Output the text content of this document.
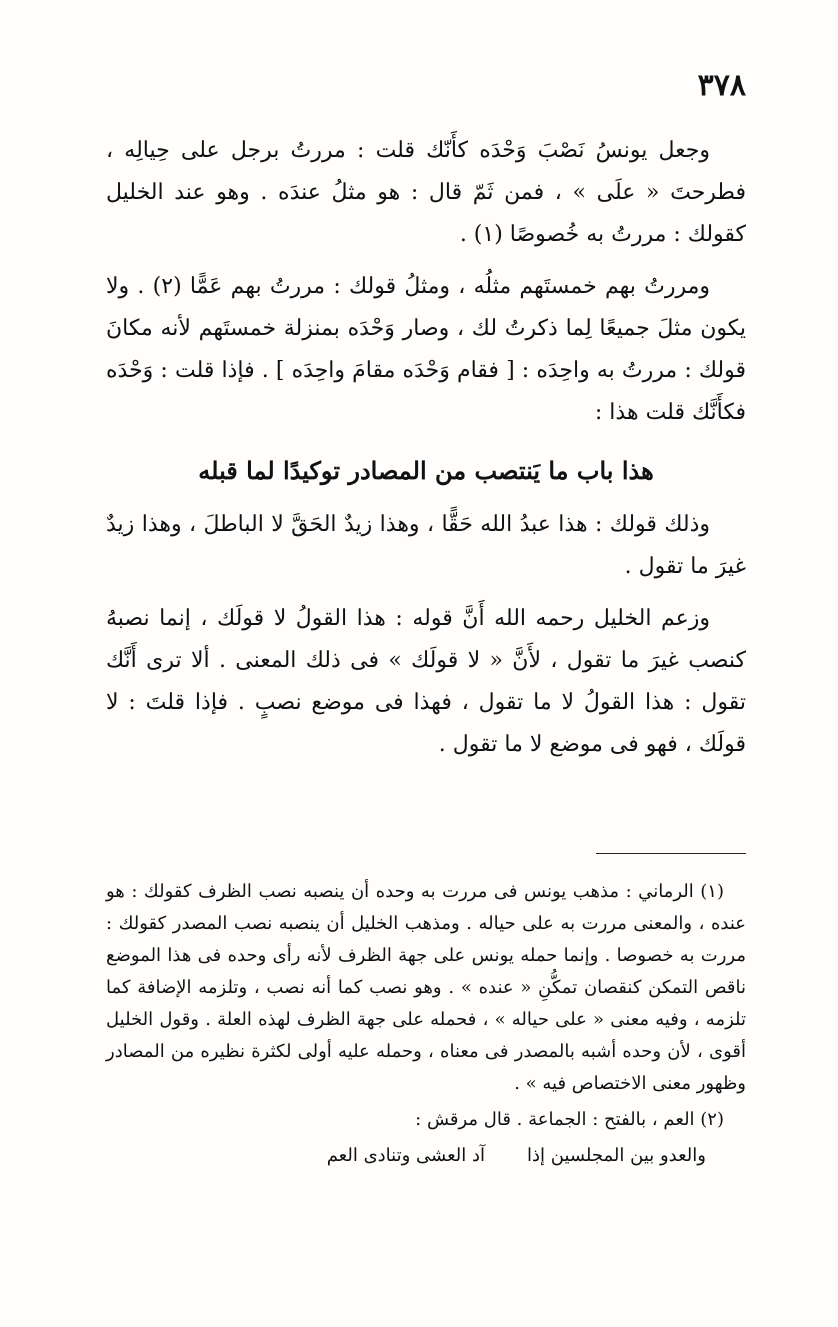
٣٧٨

وجعل يونسُ نَصْبَ وَحْدَه كأَنّك قلت : مررتُ برجل على حِيالِه ، فطرحتَ « علَى » ، فمن ثَمّ قال : هو مثلُ عندَه . وهو عند الخليل كقولك : مررتُ به خُصوصًا (١) .

ومررتُ بهم خمستَهم مثلُه ، ومثلُ قولك : مررتُ بهم عَمًّا (٢) . ولا يكون مثلَ جميعًا لِما ذكرتُ لك ، وصار وَحْدَه بمنزلة خمستَهم لأنه مكانَ قولك : مررتُ به واحِدَه : [ فقام وَحْدَه مقامَ واحِدَه ] . فإذا قلت : وَحْدَه فكأَنَّك قلت هذا :

هذا باب ما يَنتصب من المصادر توكيدًا لما قبله

وذلك قولك : هذا عبدُ الله حَقًّا ، وهذا زيدٌ الحَقَّ لا الباطلَ ، وهذا زيدٌ غيرَ ما تقول .

وزعم الخليل رحمه الله أَنَّ قوله : هذا القولُ لا قولَك ، إنما نصبهُ كنصب غيرَ ما تقول ، لأَنَّ « لا قولَك » فى ذلك المعنى . ألا ترى أَنَّك تقول : هذا القولُ لا ما تقول ، فهذا فى موضع نصبٍ . فإذا قلتَ : لا قولَك ، فهو فى موضع لا ما تقول .

(١) الرماني : مذهب يونس فى مررت به وحده أن ينصبه نصب الظرف كقولك : هو عنده ، والمعنى مررت به على حياله . ومذهب الخليل أن ينصبه نصب المصدر كقولك : مررت به خصوصا . وإنما حمله يونس على جهة الظرف لأنه رأى وحده فى هذا الموضع ناقص التمكن كنقصان تمكُّنِ « عنده » . وهو نصب كما أنه نصب ، وتلزمه الإضافة كما تلزمه ، وفيه معنى « على حياله » ، فحمله على جهة الظرف لهذه العلة . وقول الخليل أقوى ، لأن وحده أشبه بالمصدر فى معناه ، وحمله عليه أولى لكثرة نظيره من المصادر وظهور معنى الاختصاص فيه » .

(٢) العم ، بالفتح : الجماعة . قال مرقش :

والعدو بين المجلسين إذا
آد العشى وتنادى العم
